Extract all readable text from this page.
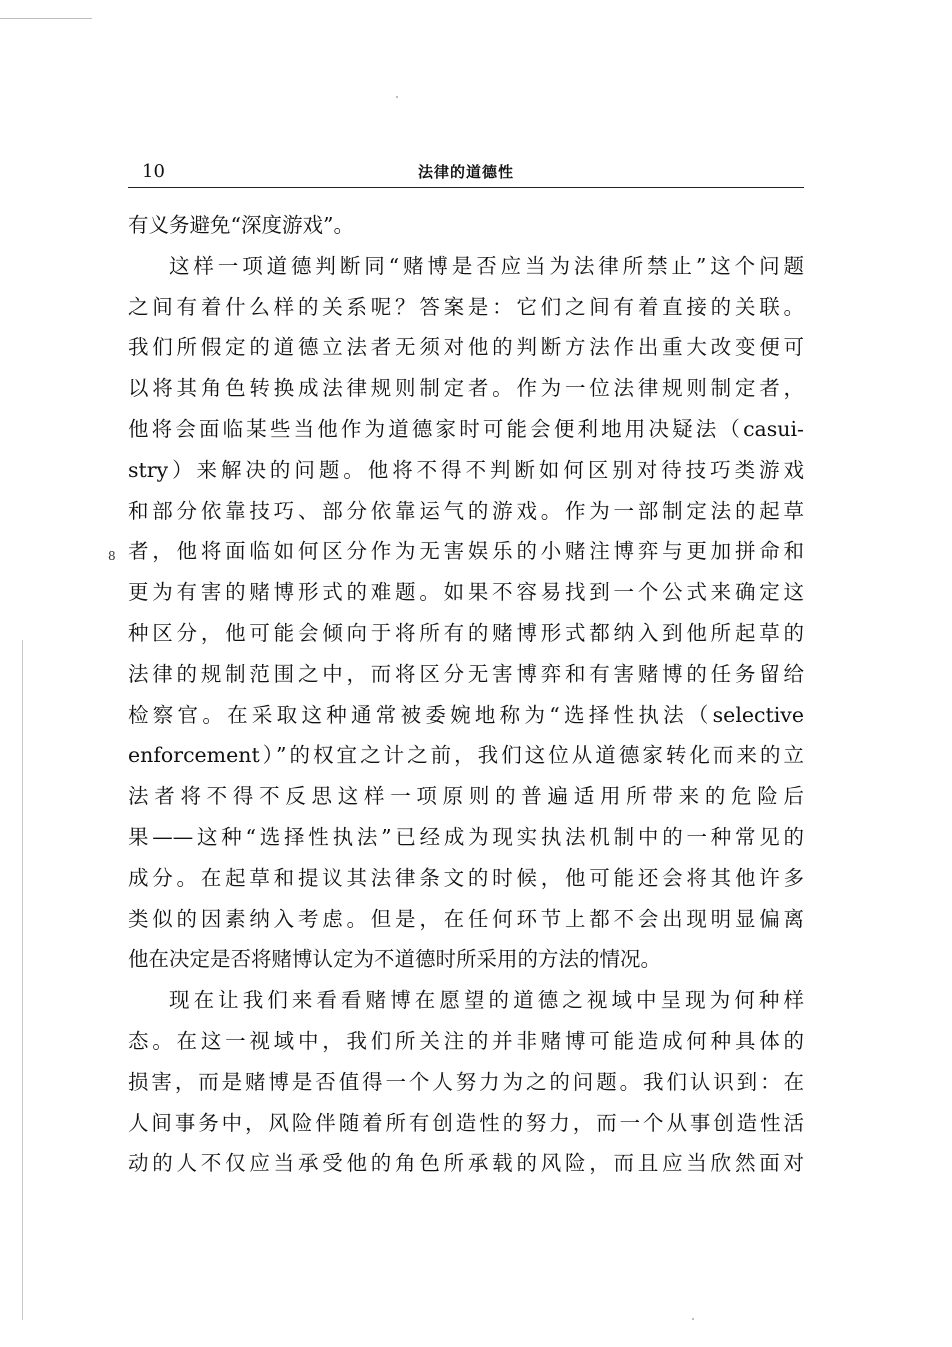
10	法律的道德性
8
有义务避免“深度游戏”。
这样一项道德判断同“赌博是否应当为法律所禁止”这个问题
之间有着什么样的关系呢？答案是：它们之间有着直接的关联。
我们所假定的道德立法者无须对他的判断方法作出重大改变便可
以将其角色转换成法律规则制定者。作为一位法律规则制定者，
他将会面临某些当他作为道德家时可能会便利地用决疑法（casui-
stry）来解决的问题。他将不得不判断如何区别对待技巧类游戏
和部分依靠技巧、部分依靠运气的游戏。作为一部制定法的起草
者，他将面临如何区分作为无害娱乐的小赌注博弈与更加拼命和
更为有害的赌博形式的难题。如果不容易找到一个公式来确定这
种区分，他可能会倾向于将所有的赌博形式都纳入到他所起草的
法律的规制范围之中，而将区分无害博弈和有害赌博的任务留给
检察官。在采取这种通常被委婉地称为“选择性执法（selective
enforcement）”的权宜之计之前，我们这位从道德家转化而来的立
法者将不得不反思这样一项原则的普遍适用所带来的危险后
果——这种“选择性执法”已经成为现实执法机制中的一种常见的
成分。在起草和提议其法律条文的时候，他可能还会将其他许多
类似的因素纳入考虑。但是，在任何环节上都不会出现明显偏离
他在决定是否将赌博认定为不道德时所采用的方法的情况。
现在让我们来看看赌博在愿望的道德之视域中呈现为何种样
态。在这一视域中，我们所关注的并非赌博可能造成何种具体的
损害，而是赌博是否值得一个人努力为之的问题。我们认识到：在
人间事务中，风险伴随着所有创造性的努力，而一个从事创造性活
动的人不仅应当承受他的角色所承载的风险，而且应当欣然面对
